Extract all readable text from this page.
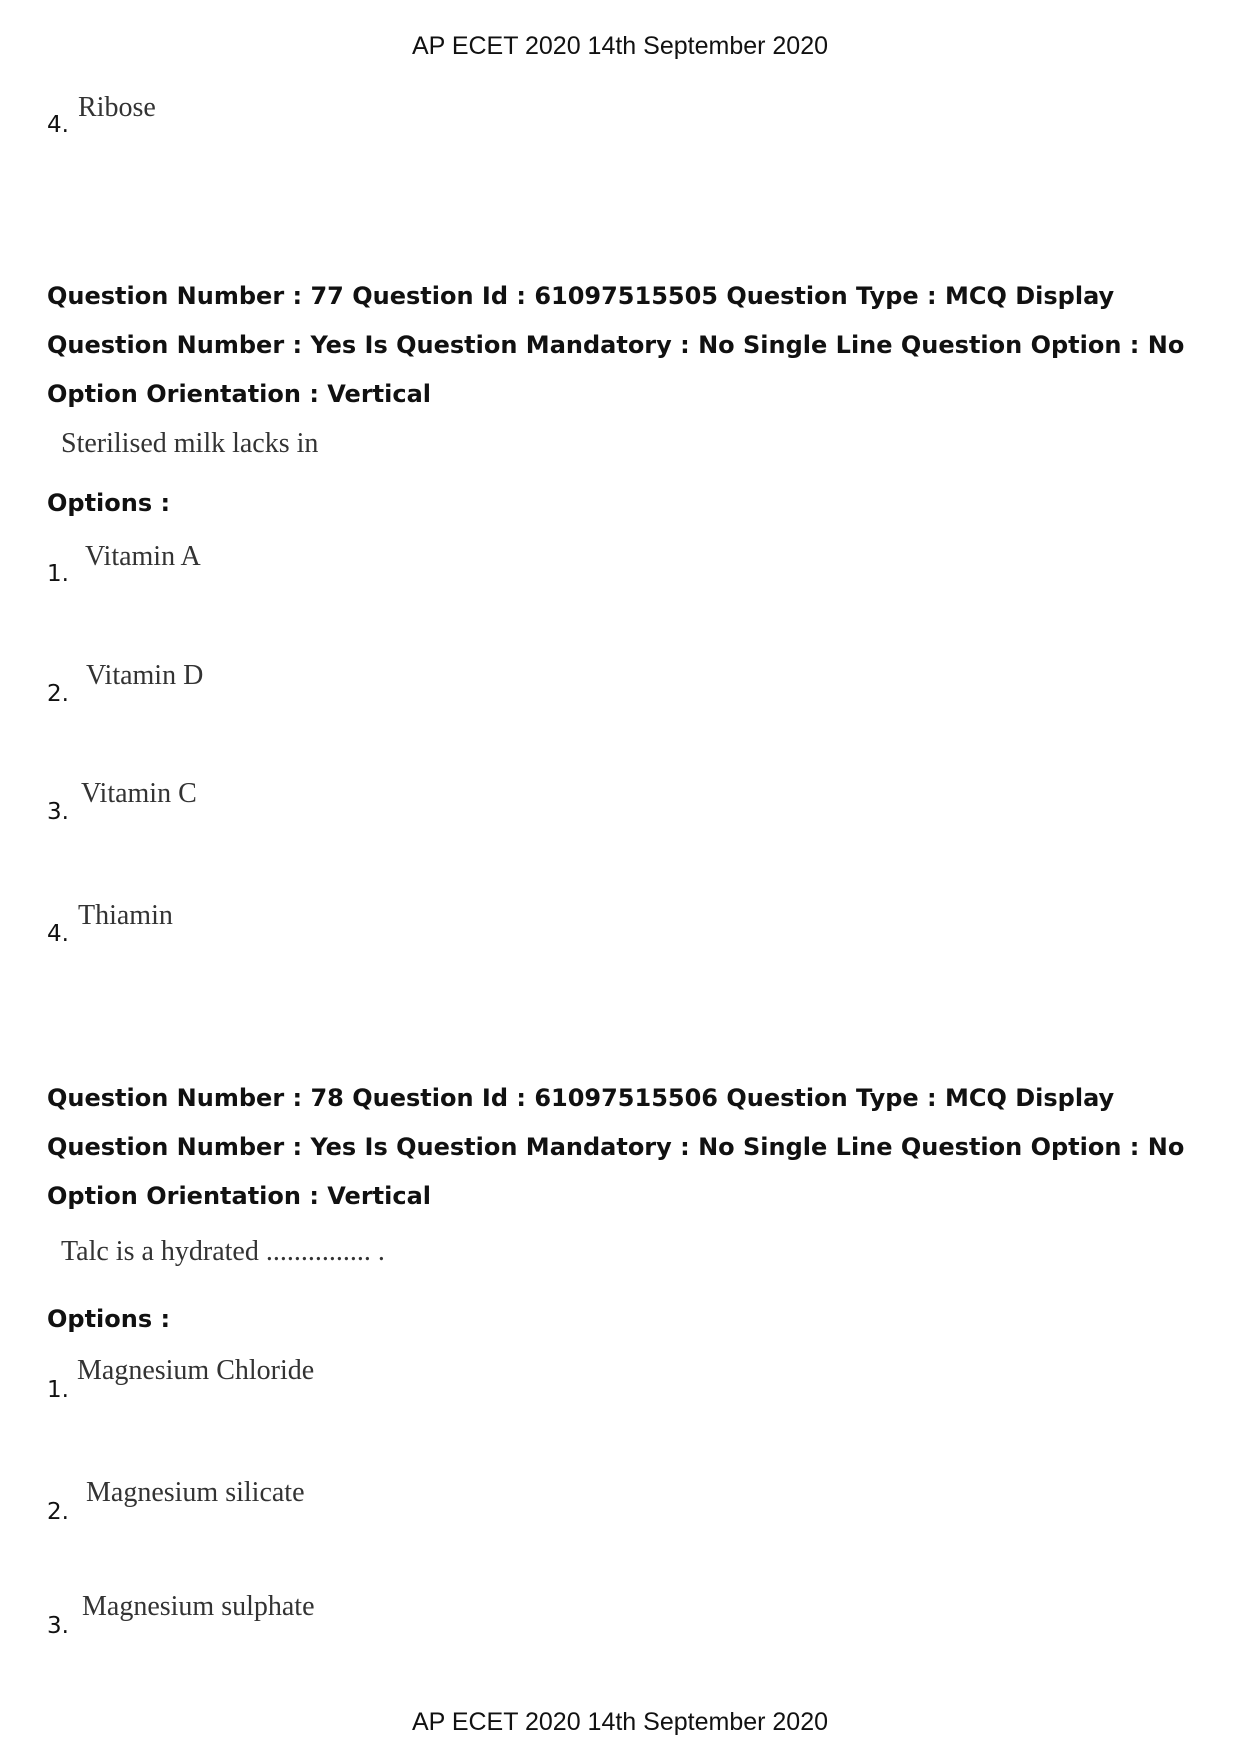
AP ECET 2020 14th September 2020
4.
Ribose
Question Number : 77 Question Id : 61097515505 Question Type : MCQ Display Question Number : Yes Is Question Mandatory : No Single Line Question Option : No Option Orientation : Vertical
Sterilised milk lacks in
Options :
1.
Vitamin A
2.
Vitamin D
3.
Vitamin C
4.
Thiamin
Question Number : 78 Question Id : 61097515506 Question Type : MCQ Display Question Number : Yes Is Question Mandatory : No Single Line Question Option : No Option Orientation : Vertical
Talc is a hydrated ............... .
Options :
1.
Magnesium Chloride
2.
Magnesium silicate
3.
Magnesium sulphate
AP ECET 2020 14th September 2020
